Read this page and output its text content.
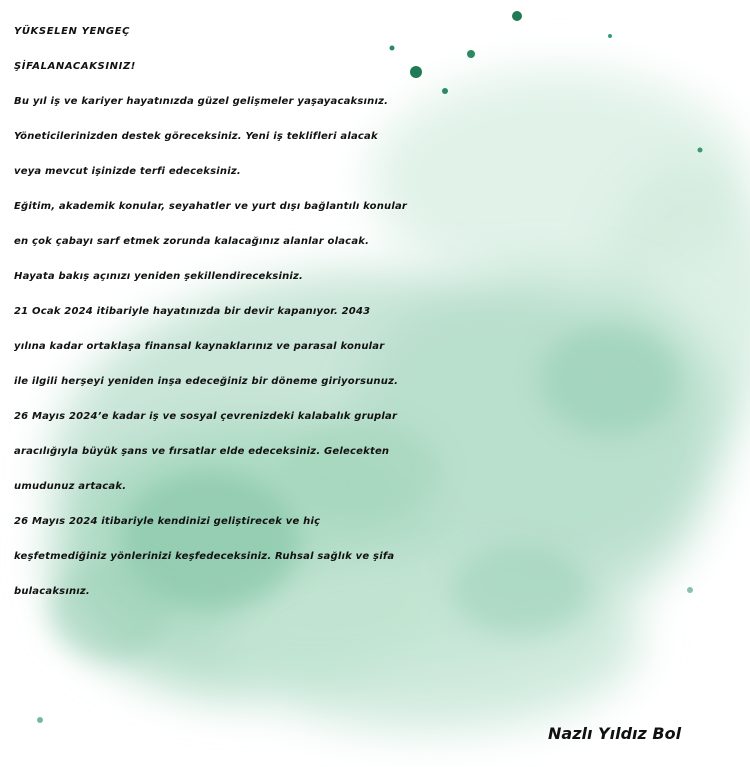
YÜKSELEN YENGEÇ
ŞİFALANACAKSINIZ!
Bu yıl iş ve kariyer hayatınızda güzel gelişmeler yaşayacaksınız.
Yöneticilerinizden destek göreceksiniz. Yeni iş teklifleri alacak
veya mevcut işinizde terfi edeceksiniz.
Eğitim, akademik konular, seyahatler ve yurt dışı bağlantılı konular
en çok çabayı sarf etmek zorunda kalacağınız alanlar olacak.
Hayata bakış açınızı yeniden şekillendireceksiniz.
21 Ocak 2024 itibariyle hayatınızda bir devir kapanıyor. 2043
yılına kadar ortaklaşa finansal kaynaklarınız ve parasal konular
ile ilgili herşeyi yeniden inşa edeceğiniz bir döneme giriyorsunuz.
26 Mayıs 2024’e kadar iş ve sosyal çevrenizdeki kalabalık gruplar
aracılığıyla büyük şans ve fırsatlar elde edeceksiniz. Gelecekten
umudunuz artacak.
26 Mayıs 2024 itibariyle kendinizi geliştirecek ve hiç
keşfetmediğiniz yönlerinizi keşfedeceksiniz. Ruhsal sağlık ve şifa
bulacaksınız.
Nazlı Yıldız Bol
